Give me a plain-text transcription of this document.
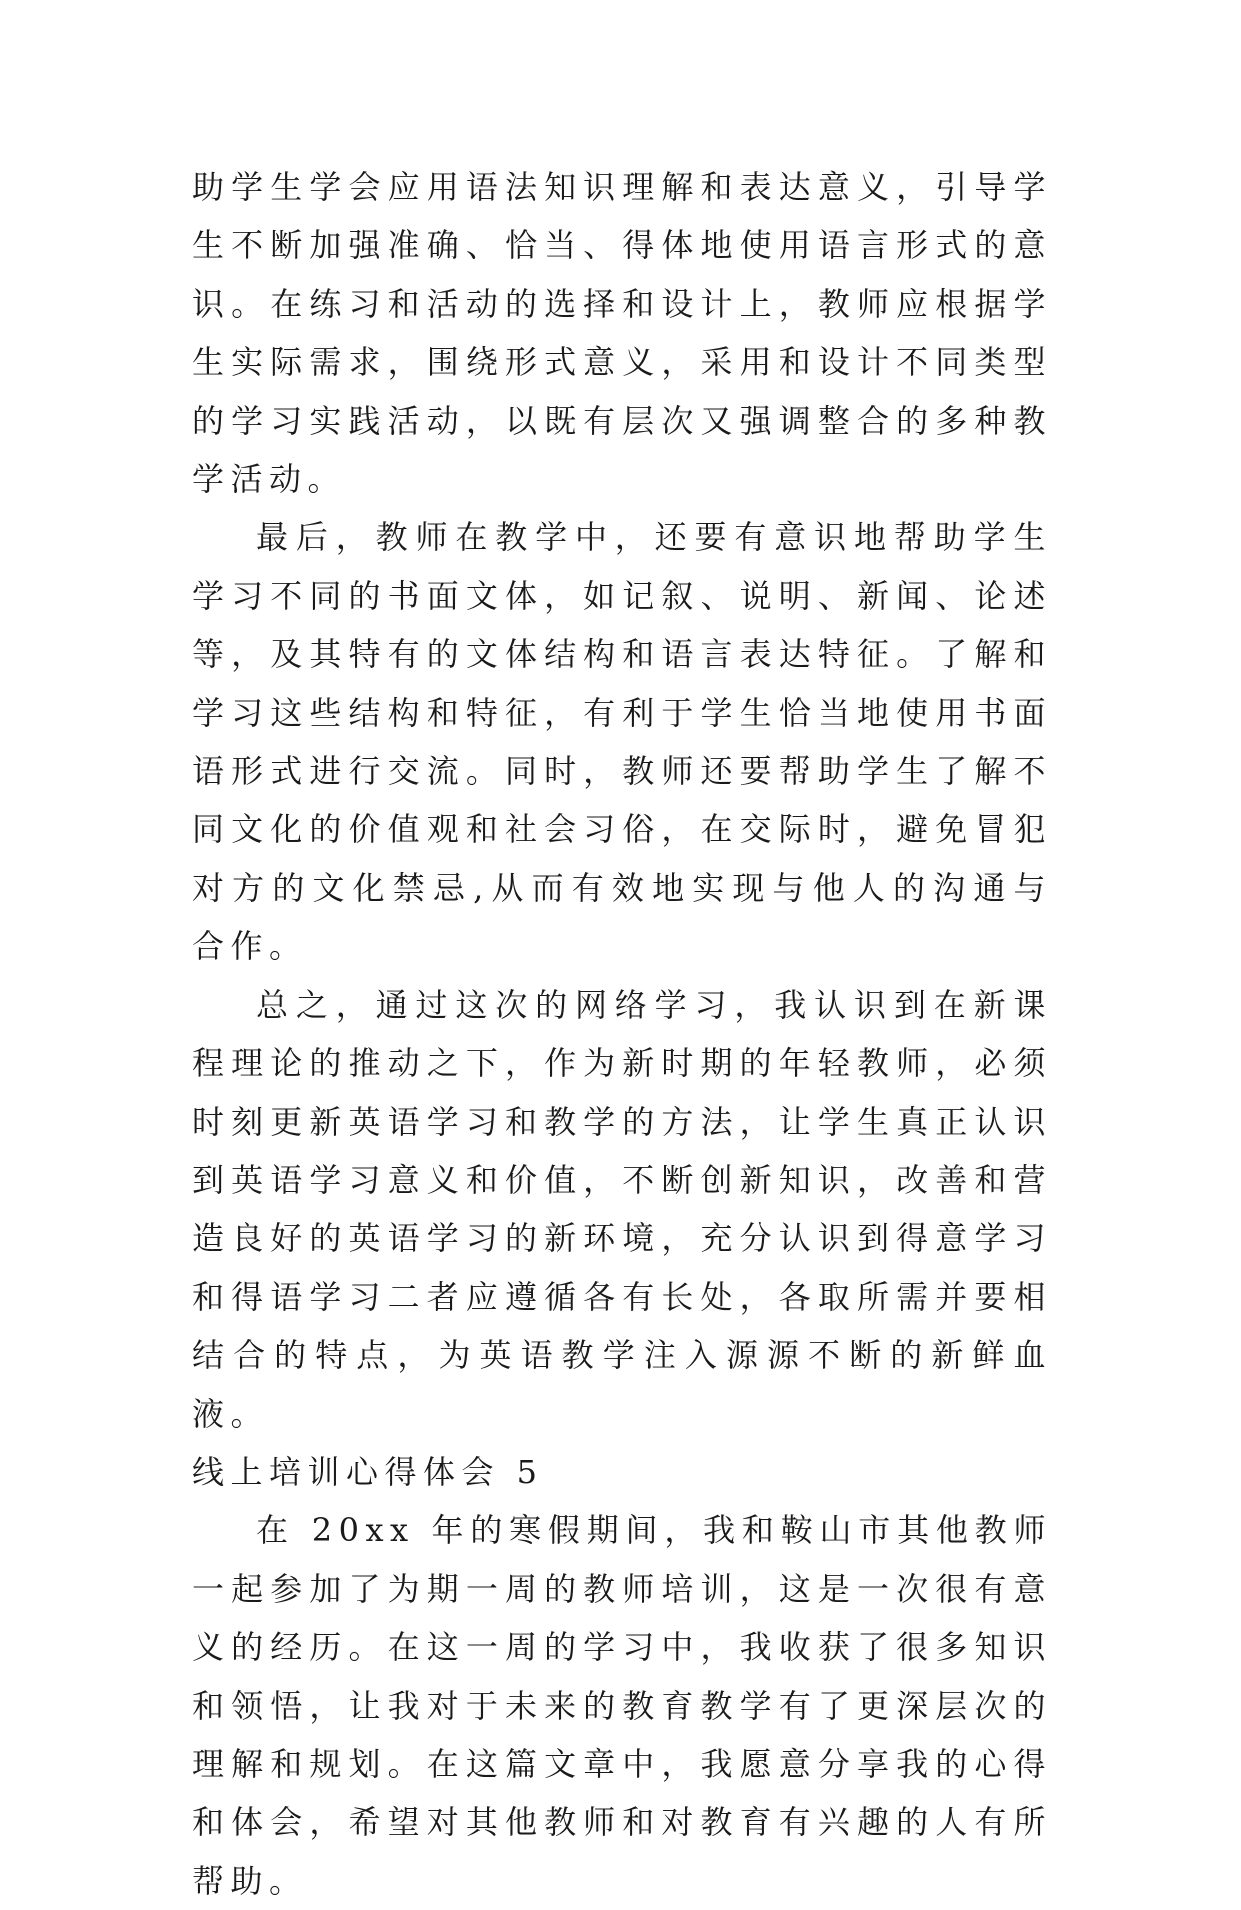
助学生学会应用语法知识理解和表达意义，引导学生不断加强准确、恰当、得体地使用语言形式的意识。在练习和活动的选择和设计上，教师应根据学生实际需求，围绕形式意义，采用和设计不同类型的学习实践活动，以既有层次又强调整合的多种教学活动。

最后，教师在教学中，还要有意识地帮助学生学习不同的书面文体，如记叙、说明、新闻、论述等，及其特有的文体结构和语言表达特征。了解和学习这些结构和特征，有利于学生恰当地使用书面语形式进行交流。同时，教师还要帮助学生了解不同文化的价值观和社会习俗，在交际时，避免冒犯对方的文化禁忌,从而有效地实现与他人的沟通与合作。

总之，通过这次的网络学习，我认识到在新课程理论的推动之下，作为新时期的年轻教师，必须时刻更新英语学习和教学的方法，让学生真正认识到英语学习意义和价值，不断创新知识，改善和营造良好的英语学习的新环境，充分认识到得意学习和得语学习二者应遵循各有长处，各取所需并要相结合的特点，为英语教学注入源源不断的新鲜血液。

线上培训心得体会 5

在 20xx 年的寒假期间，我和鞍山市其他教师一起参加了为期一周的教师培训，这是一次很有意义的经历。在这一周的学习中，我收获了很多知识和领悟，让我对于未来的教育教学有了更深层次的理解和规划。在这篇文章中，我愿意分享我的心得和体会，希望对其他教师和对教育有兴趣的人有所帮助。
